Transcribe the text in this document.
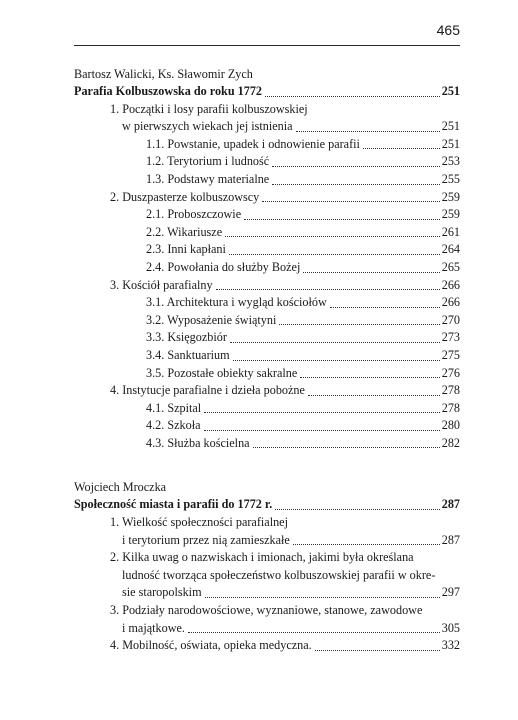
465
Bartosz Walicki, Ks. Sławomir Zych
Parafia Kolbuszowska do roku 1772	251
1. Początki i losy parafii kolbuszowskiej
w pierwszych wiekach jej istnienia	251
1.1. Powstanie, upadek i odnowienie parafii	251
1.2. Terytorium i ludność	253
1.3. Podstawy materialne	255
2. Duszpasterze kolbuszowscy	259
2.1. Proboszczowie	259
2.2. Wikariusze	261
2.3. Inni kapłani	264
2.4. Powołania do służby Bożej	265
3. Kościół parafialny	266
3.1. Architektura i wygląd kościołów	266
3.2. Wyposażenie świątyni	270
3.3. Księgozbiór	273
3.4. Sanktuarium	275
3.5. Pozostałe obiekty sakralne	276
4. Instytucje parafialne i dzieła pobożne	278
4.1. Szpital	278
4.2. Szkoła	280
4.3. Służba kościelna	282
Wojciech Mroczka
Społeczność miasta i parafii do 1772 r.	287
1. Wielkość społeczności parafialnej
i terytorium przez nią zamieszkałe	287
2. Kilka uwag o nazwiskach i imionach, jakimi była określana
ludność tworząca społeczeństwo kolbuszowskiej parafii w okre-
sie staropolskim	297
3. Podziały narodowościowe, wyznaniowe, stanowe, zawodowe
i majątkowe.	305
4. Mobilność, oświata, opieka medyczna.	332
